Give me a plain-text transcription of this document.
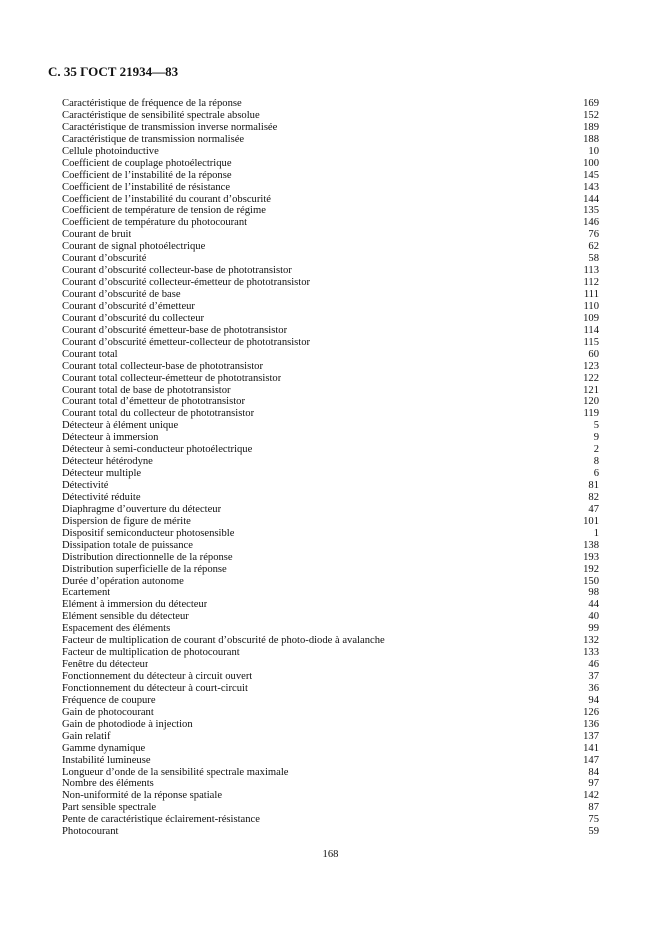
С. 35 ГОСТ 21934—83
Caractéristique de fréquence de la réponse	169
Caractéristique de sensibilité spectrale absolue	152
Caractéristique de transmission inverse normalisée	189
Caractéristique de transmission normalisée	188
Cellule photoinductive	10
Coefficient de couplage photoélectrique	100
Coefficient de l’instabilité de la réponse	145
Coefficient de l’instabilité de résistance	143
Coefficient de l’instabilité du courant d’obscurité	144
Coefficient de température de tension de régime	135
Coefficient de température du photocourant	146
Courant de bruit	76
Courant de signal photoélectrique	62
Courant d’obscurité	58
Courant d’obscurité collecteur-base de phototransistor	113
Courant d’obscurité collecteur-émetteur de phototransistor	112
Courant d’obscurité de base	111
Courant d’obscurité d’émetteur	110
Courant d’obscurité du collecteur	109
Courant d’obscurité émetteur-base de phototransistor	114
Courant d’obscurité émetteur-collecteur de phototransistor	115
Courant total	60
Courant total collecteur-base de phototransistor	123
Courant total collecteur-émetteur de phototransistor	122
Courant total de base de phototransistor	121
Courant total d’émetteur de phototransistor	120
Courant total du collecteur de phototransistor	119
Détecteur à élément unique	5
Détecteur à immersion	9
Détecteur à semi-conducteur photoélectrique	2
Détecteur hétérodyne	8
Détecteur multiple	6
Détectivité	81
Détectivité réduite	82
Diaphragme d’ouverture du détecteur	47
Dispersion de figure de mérite	101
Dispositif semiconducteur photosensible	1
Dissipation totale de puissance	138
Distribution directionnelle de la réponse	193
Distribution superficielle de la réponse	192
Durée d’opération autonome	150
Ecartement	98
Elément à immersion du détecteur	44
Elément sensible du détecteur	40
Espacement des éléments	99
Facteur de multiplication de courant d’obscurité de photo-diode à avalanche	132
Facteur de multiplication de photocourant	133
Fenêtre du détecteur	46
Fonctionnement du détecteur à circuit ouvert	37
Fonctionnement du détecteur à court-circuit	36
Fréquence de coupure	94
Gain de photocourant	126
Gain de photodiode à injection	136
Gain relatif	137
Gamme dynamique	141
Instabilité lumineuse	147
Longueur d’onde de la sensibilité spectrale maximale	84
Nombre des éléments	97
Non-uniformité de la réponse spatiale	142
Part sensible spectrale	87
Pente de caractéristique éclairement-résistance	75
Photocourant	59
168
